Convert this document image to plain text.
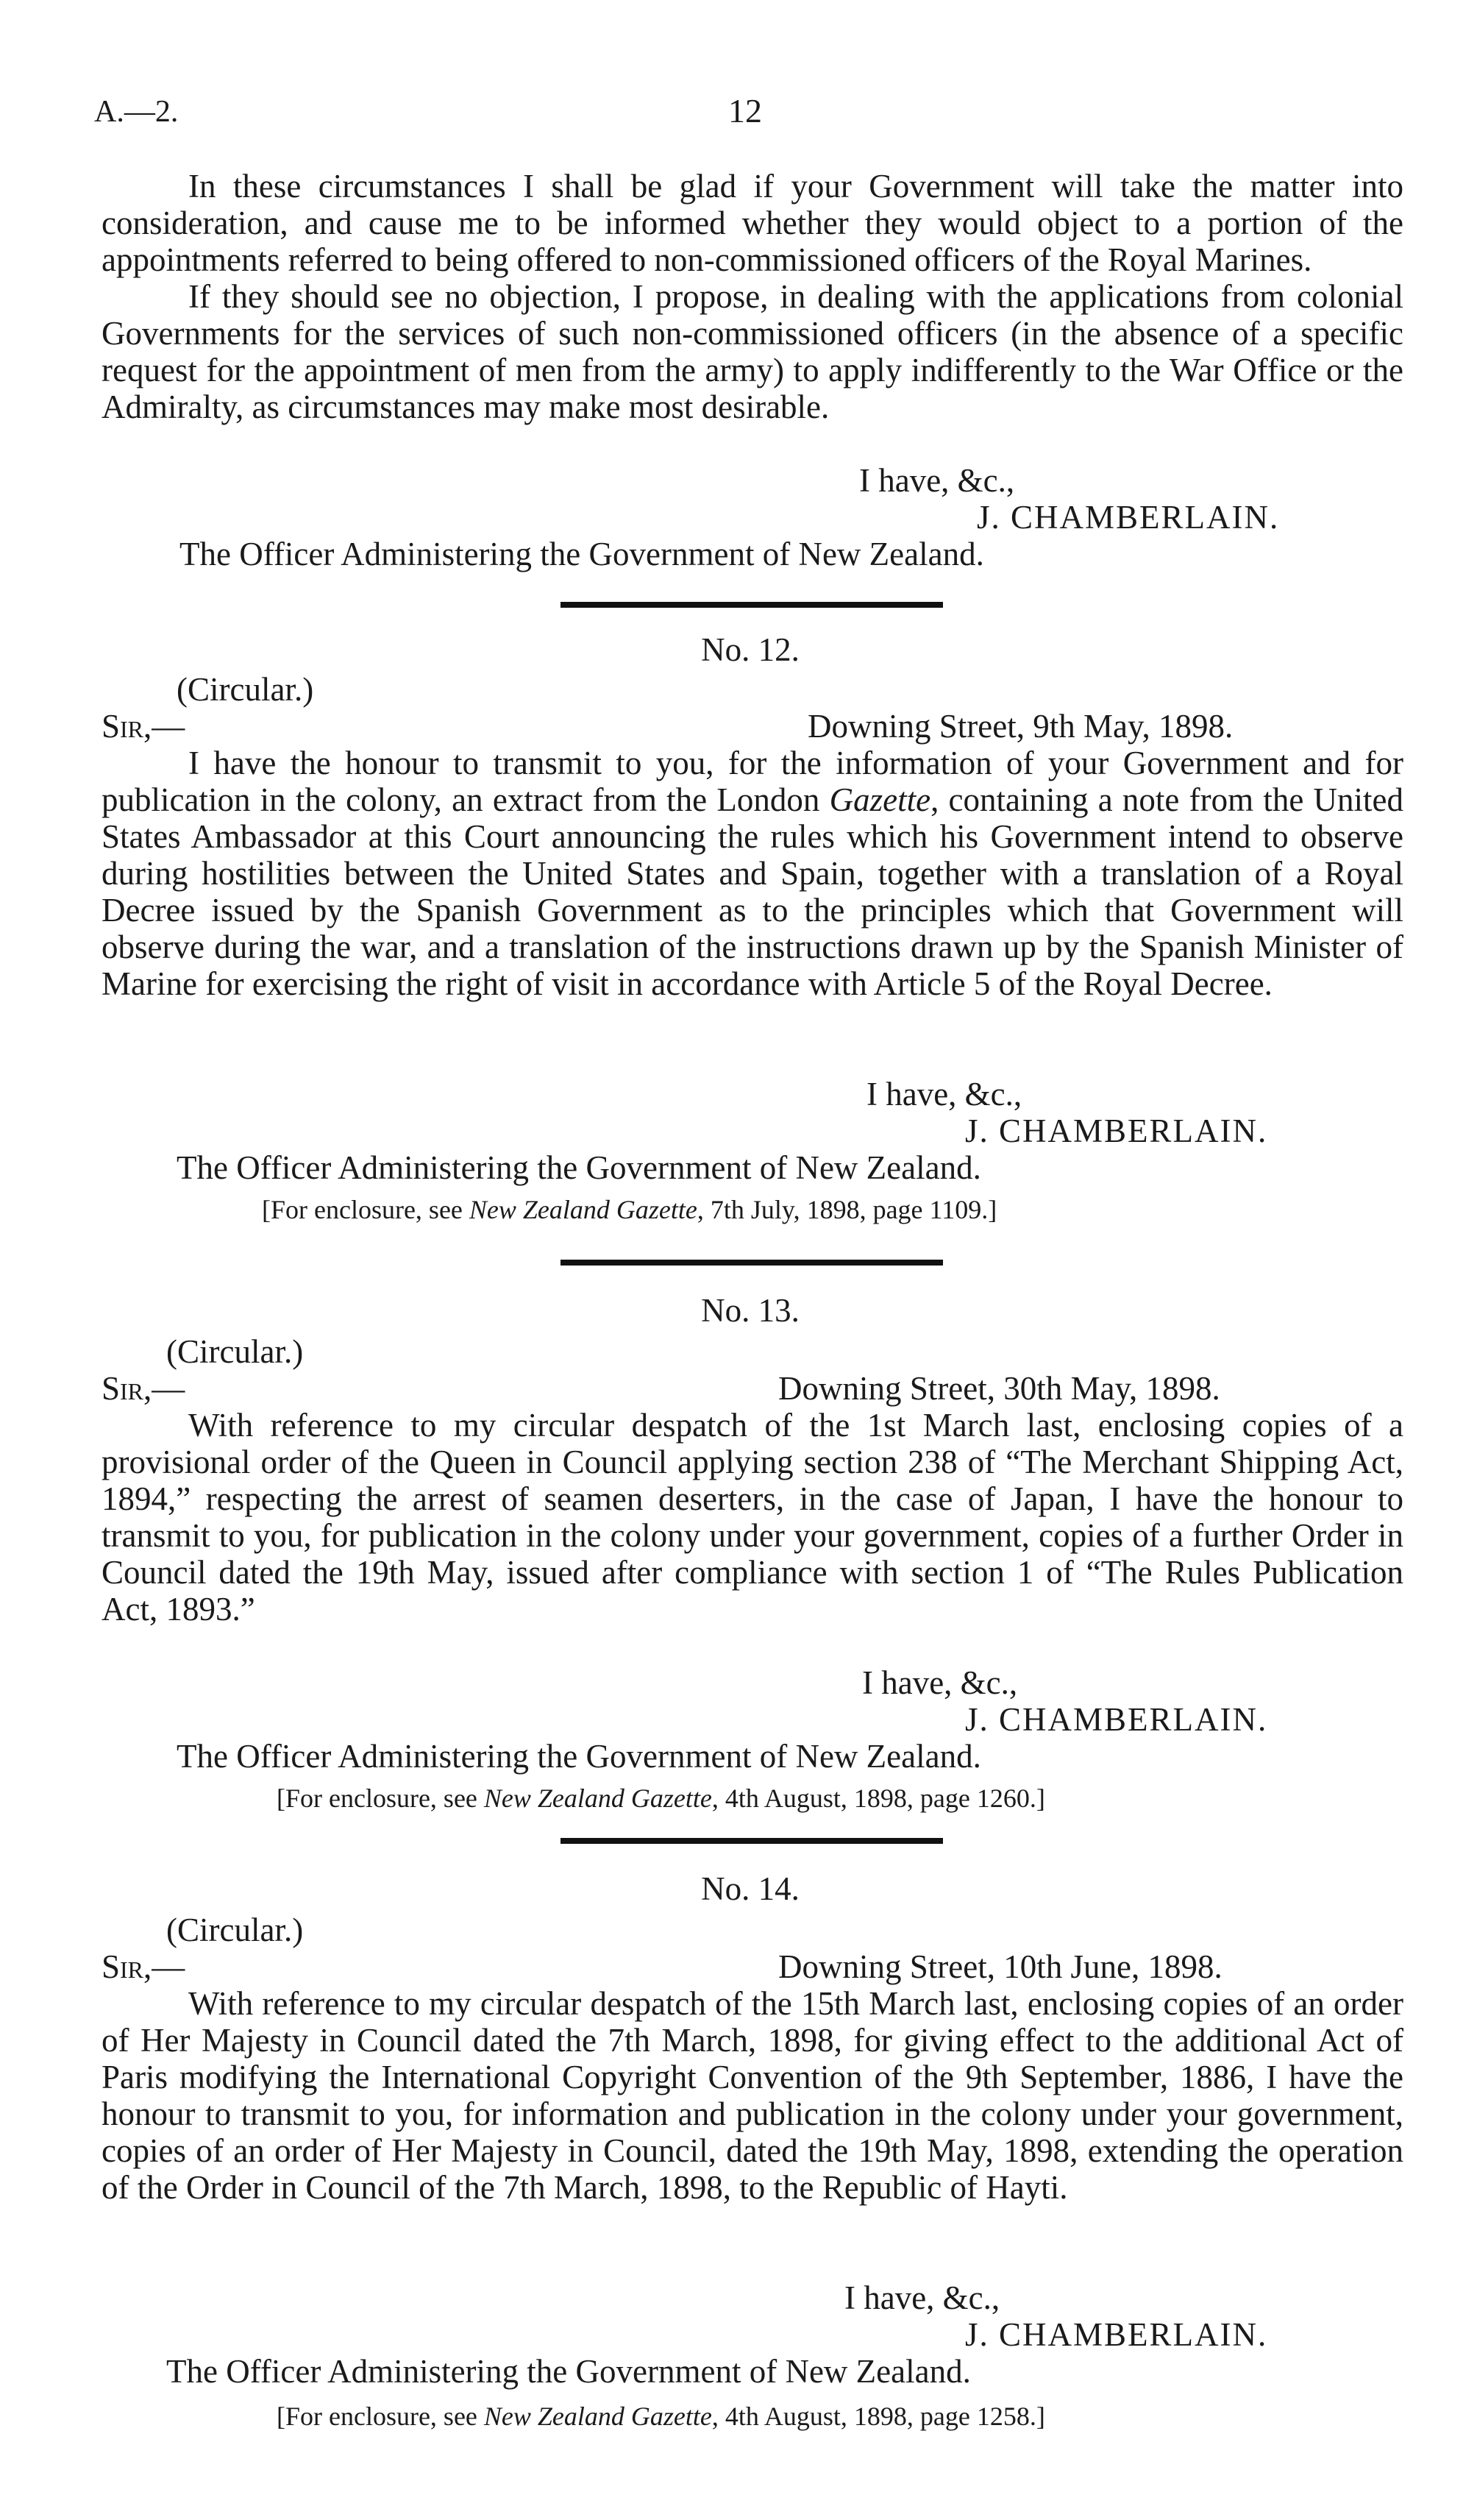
A.—2.	12

In these circumstances I shall be glad if your Government will take the matter into consideration, and cause me to be informed whether they would object to a portion of the appointments referred to being offered to non-commissioned officers of the Royal Marines.

If they should see no objection, I propose, in dealing with the applications from colonial Governments for the services of such non-commissioned officers (in the absence of a specific request for the appointment of men from the army) to apply indifferently to the War Office or the Admiralty, as circumstances may make most desirable.

I have, &c.,
J. CHAMBERLAIN.
The Officer Administering the Government of New Zealand.
No. 12.
(Circular.)
Sir,—	Downing Street, 9th May, 1898.

I have the honour to transmit to you, for the information of your Government and for publication in the colony, an extract from the London Gazette, containing a note from the United States Ambassador at this Court announcing the rules which his Government intend to observe during hostilities between the United States and Spain, together with a translation of a Royal Decree issued by the Spanish Government as to the principles which that Government will observe during the war, and a translation of the instructions drawn up by the Spanish Minister of Marine for exercising the right of visit in accordance with Article 5 of the Royal Decree.

I have, &c.,
J. CHAMBERLAIN.
The Officer Administering the Government of New Zealand.
[For enclosure, see New Zealand Gazette, 7th July, 1898, page 1109.]
No. 13.
(Circular.)
Sir,—	Downing Street, 30th May, 1898.

With reference to my circular despatch of the 1st March last, enclosing copies of a provisional order of the Queen in Council applying section 238 of “The Merchant Shipping Act, 1894,” respecting the arrest of seamen deserters, in the case of Japan, I have the honour to transmit to you, for publication in the colony under your government, copies of a further Order in Council dated the 19th May, issued after compliance with section 1 of “The Rules Publication Act, 1893.”

I have, &c.,
J. CHAMBERLAIN.
The Officer Administering the Government of New Zealand.
[For enclosure, see New Zealand Gazette, 4th August, 1898, page 1260.]
No. 14.
(Circular.)
Sir,—	Downing Street, 10th June, 1898.

With reference to my circular despatch of the 15th March last, enclosing copies of an order of Her Majesty in Council dated the 7th March, 1898, for giving effect to the additional Act of Paris modifying the International Copyright Convention of the 9th September, 1886, I have the honour to transmit to you, for information and publication in the colony under your government, copies of an order of Her Majesty in Council, dated the 19th May, 1898, extending the operation of the Order in Council of the 7th March, 1898, to the Republic of Hayti.

I have, &c.,
J. CHAMBERLAIN.
The Officer Administering the Government of New Zealand.
[For enclosure, see New Zealand Gazette, 4th August, 1898, page 1258.]
